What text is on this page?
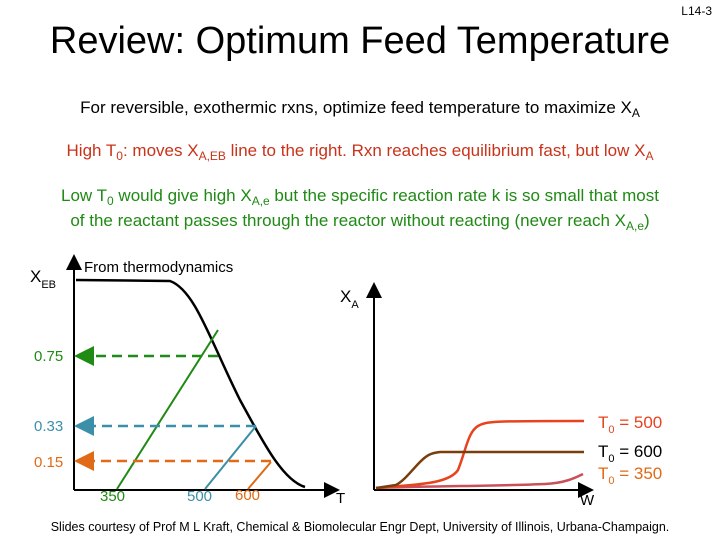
L14-3
Review: Optimum Feed Temperature
For reversible, exothermic rxns, optimize feed temperature to maximize $X_A$
High $T_0$: moves $X_{A,EB}$ line to the right. Rxn reaches equilibrium fast, but low $X_A$
Low $T_0$ would give high $X_{A,e}$ but the specific reaction rate k is so small that most
of the reactant passes through the reactor without reacting (never reach $X_{A,e}$)
$X_{EB}$
From thermodynamics
0.75
0.33
0.15
350	500 600	T
$X_A$
W
$T_0 = 500$
$T_0 = 600$
$T_0 = 350$
Slides courtesy of Prof M L Kraft, Chemical & Biomolecular Engr Dept, University of Illinois, Urbana-Champaign.
